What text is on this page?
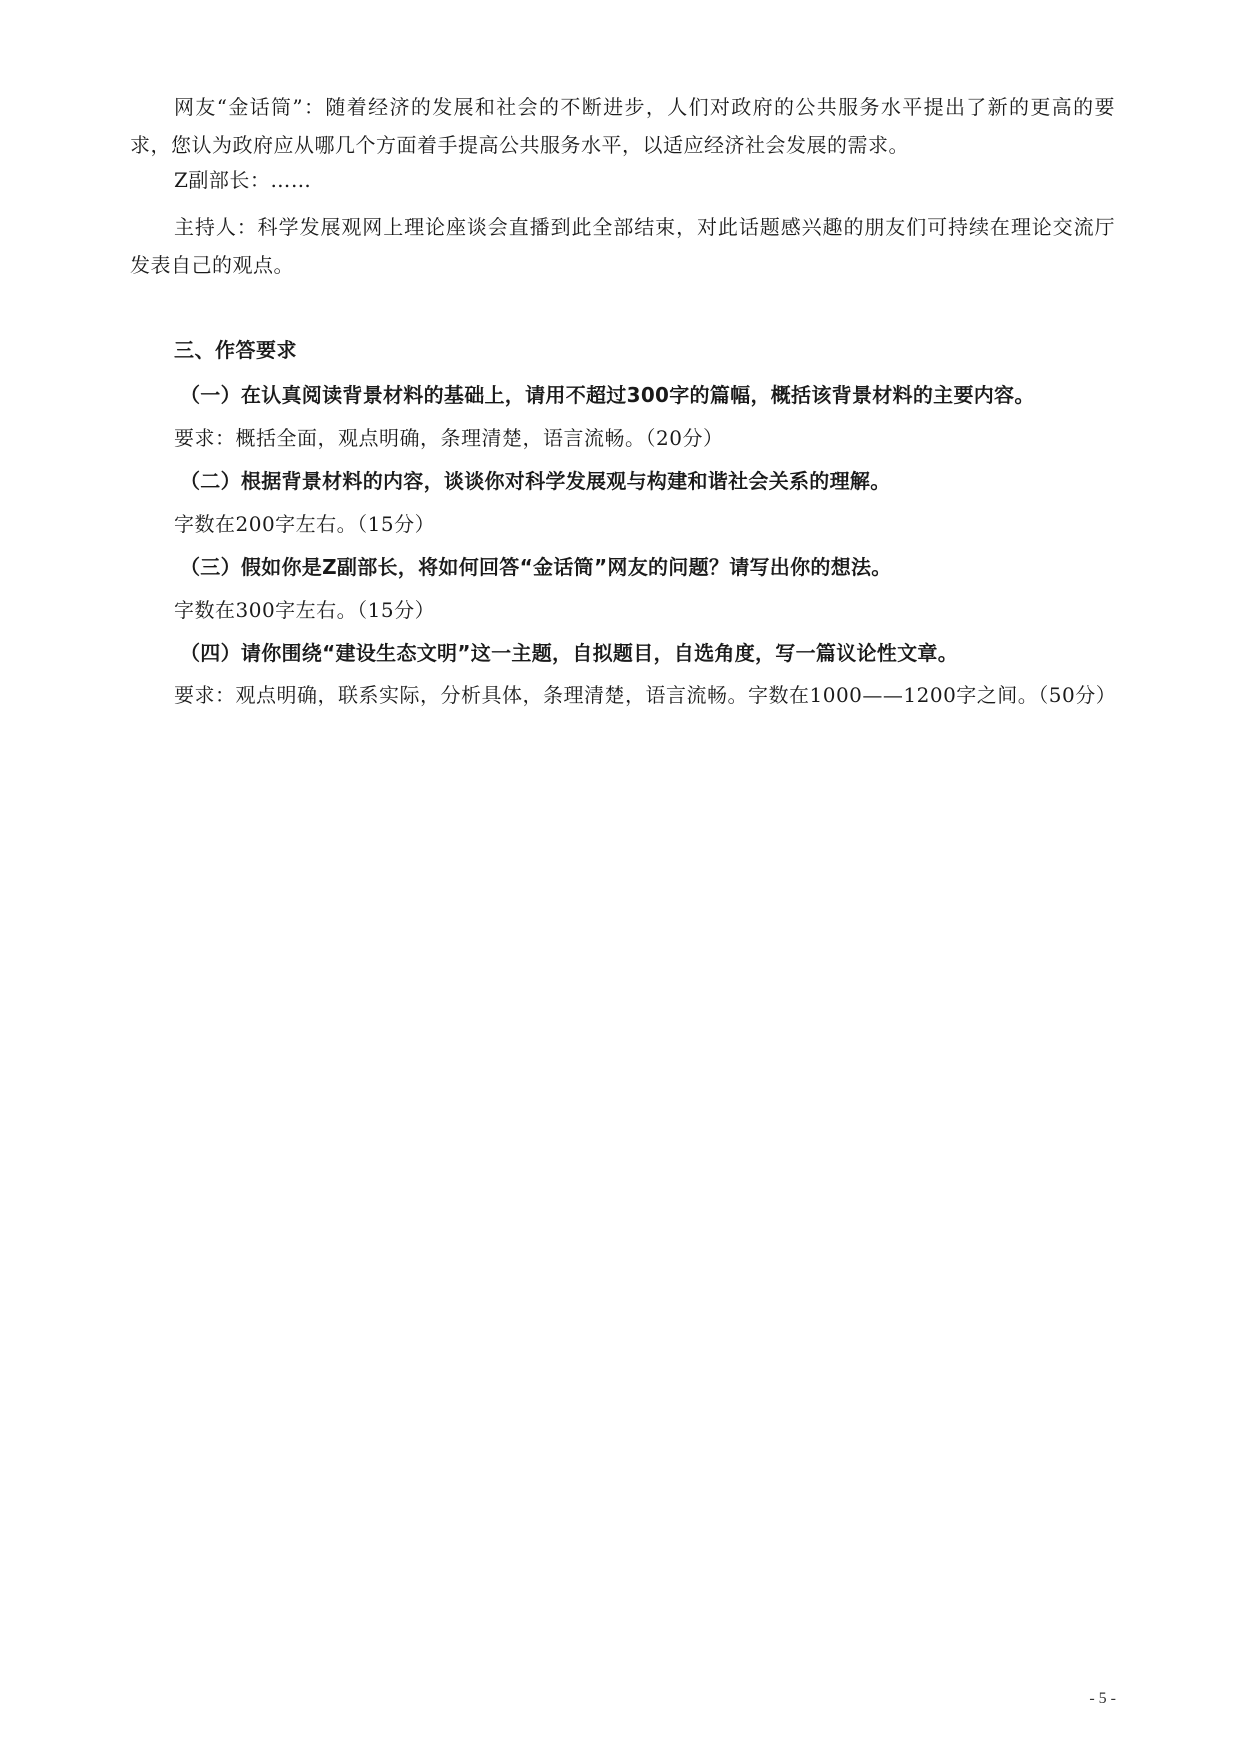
网友“金话筒”：随着经济的发展和社会的不断进步，人们对政府的公共服务水平提出了新的更高的要求，您认为政府应从哪几个方面着手提高公共服务水平，以适应经济社会发展的需求。

Z副部长：……

主持人：科学发展观网上理论座谈会直播到此全部结束，对此话题感兴趣的朋友们可持续在理论交流厅发表自己的观点。

三、作答要求

（一）在认真阅读背景材料的基础上，请用不超过300字的篇幅，概括该背景材料的主要内容。

要求：概括全面，观点明确，条理清楚，语言流畅。（20分）

（二）根据背景材料的内容，谈谈你对科学发展观与构建和谐社会关系的理解。

字数在200字左右。（15分）

（三）假如你是Z副部长，将如何回答“金话筒”网友的问题？请写出你的想法。

字数在300字左右。（15分）

（四）请你围绕“建设生态文明”这一主题，自拟题目，自选角度，写一篇议论性文章。

要求：观点明确，联系实际，分析具体，条理清楚，语言流畅。字数在1000——1200字之间。（50分）

- 5 -
